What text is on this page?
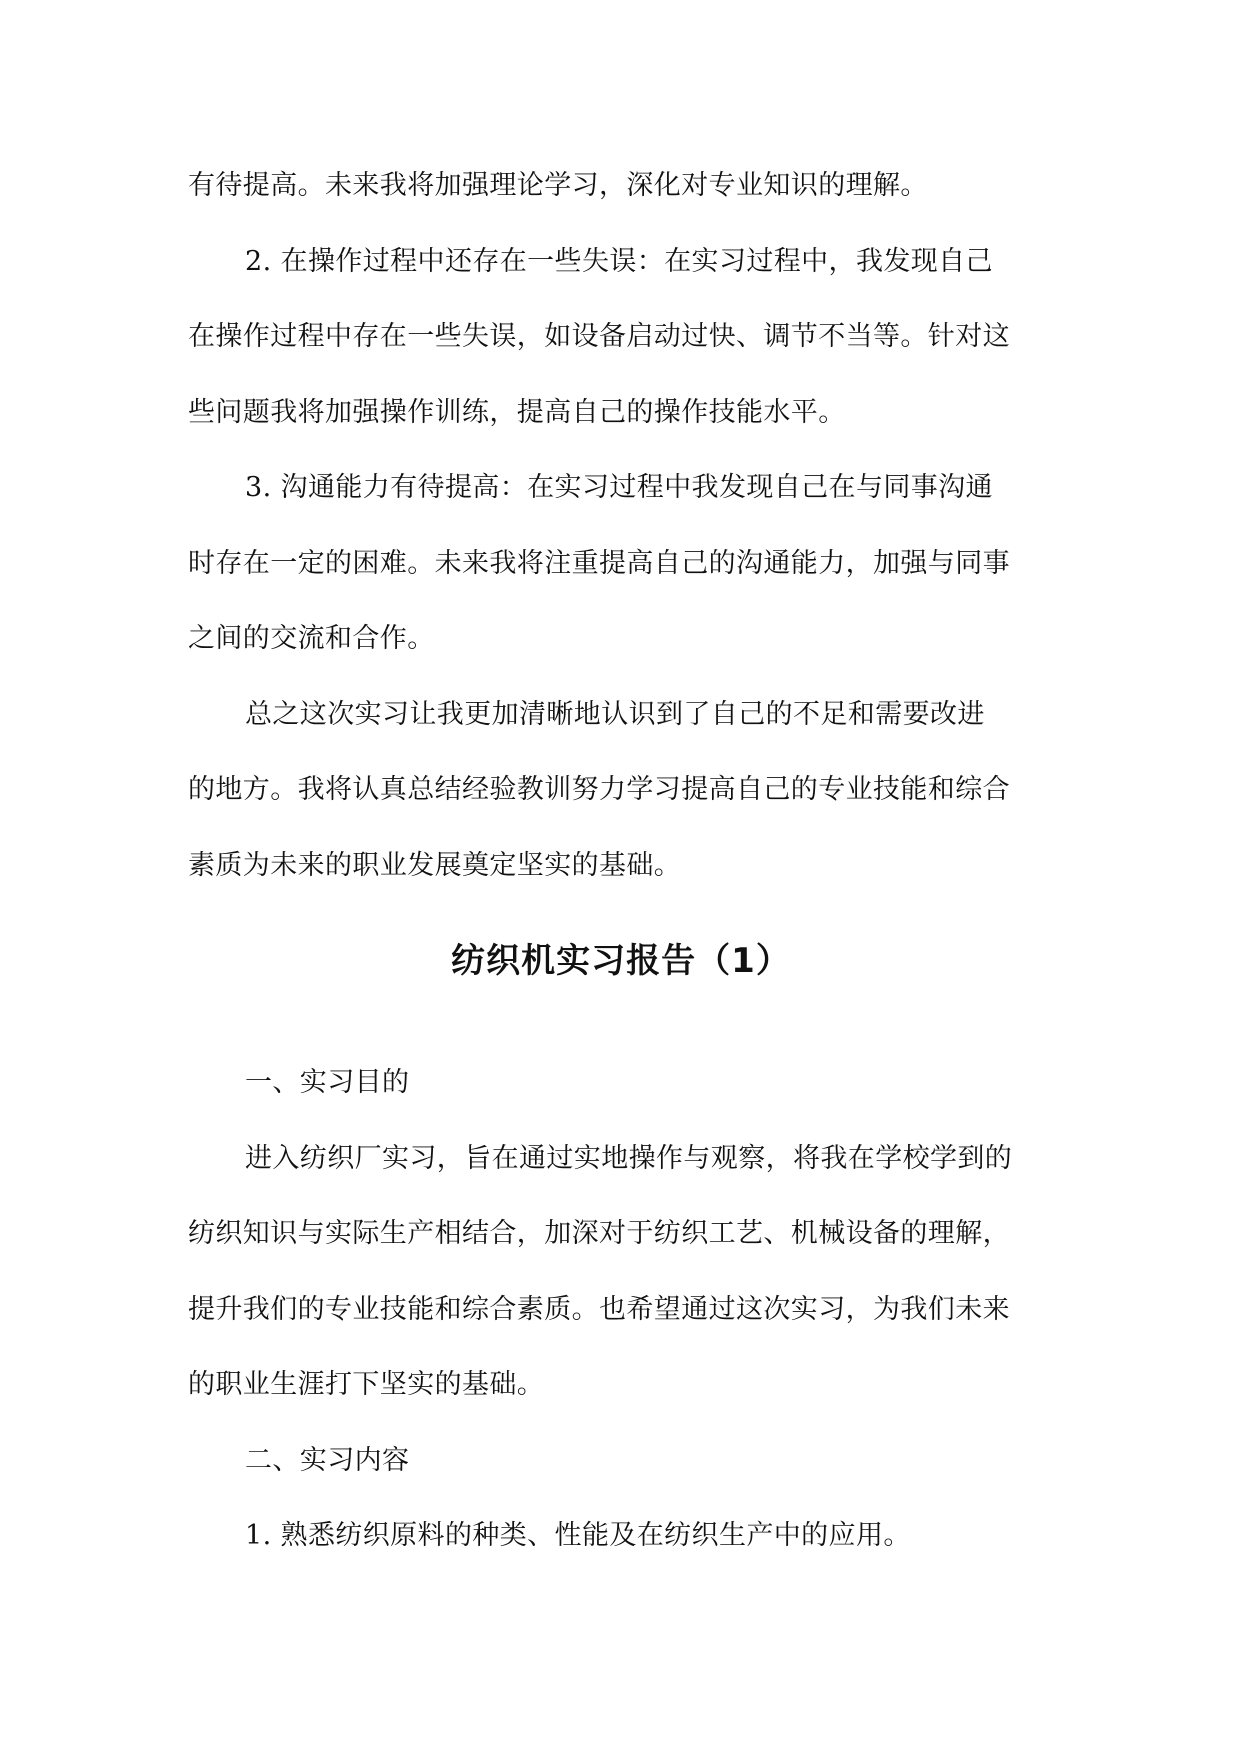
有待提高。未来我将加强理论学习，深化对专业知识的理解。
2. 在操作过程中还存在一些失误：在实习过程中，我发现自己
在操作过程中存在一些失误，如设备启动过快、调节不当等。针对这
些问题我将加强操作训练，提高自己的操作技能水平。
3. 沟通能力有待提高：在实习过程中我发现自己在与同事沟通
时存在一定的困难。未来我将注重提高自己的沟通能力，加强与同事
之间的交流和合作。
总之这次实习让我更加清晰地认识到了自己的不足和需要改进
的地方。我将认真总结经验教训努力学习提高自己的专业技能和综合
素质为未来的职业发展奠定坚实的基础。
纺织机实习报告（1）
一、实习目的
进入纺织厂实习，旨在通过实地操作与观察，将我在学校学到的
纺织知识与实际生产相结合，加深对于纺织工艺、机械设备的理解，
提升我们的专业技能和综合素质。也希望通过这次实习，为我们未来
的职业生涯打下坚实的基础。
二、实习内容
1. 熟悉纺织原料的种类、性能及在纺织生产中的应用。
